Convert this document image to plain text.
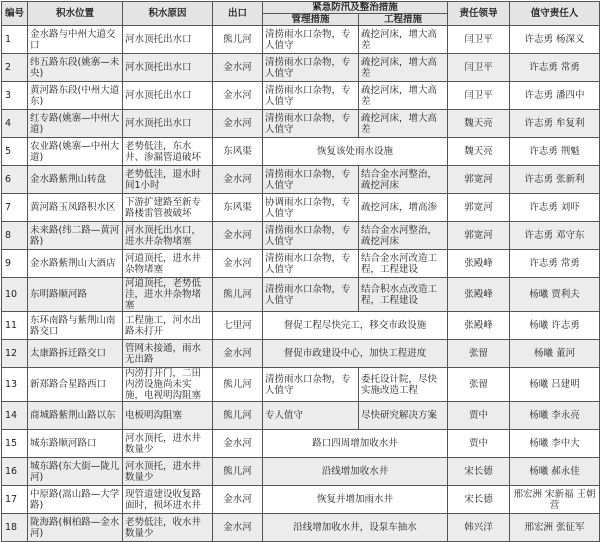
编号	积水位置	积水原因	出口	紧急防汛及整治措施		责任领导	值守责任人
				管理措施	工程措施		
1	金水路与中州大道交口	河水顶托出水口	熊儿河	清捞雨水口杂物，专人值守	疏挖河床，增大高差	闫卫平	许志勇 杨深义
2	纬五路东段(姚寨—未央)	河水顶托出水口	金水河	清捞雨水口杂物，专人值守	疏挖河床，增大高差	闫卫平	许志勇 常勇
3	黄河路东段(中州大道东)	河水顶托出水口	金水河	清捞雨水口杂物，专人值守	疏挖河床，增大高差	闫卫平	许志勇 潘四中
4	红专路(姚寨—中州大道)	河水顶托出水口	金水河	清捞雨水口杂物，专人值守	疏挖河床，增大高差	魏天亮	许志勇 牟复利
5	农业路(姚寨—中州大道)	老势低洼，东水井、渗漏管道破坏	东风渠	恢复该处雨水设施		魏天亮	许志勇 荆魁
6	金水路紫荆山转盘	老势低洼，退水时间1小时	金水河	清捞雨水口杂物，专人值守	结合金水河整治，疏挖河床	郭宽河	许志勇 张新利
7	黄河路玉凤路积水区	下游扩建路至新专路楼雷管被破坏	东风渠	协调雨水口杂物，专人值守	疏挖河床，增高渗	郭宽河	许志勇 刘吓
8	未来路(纬二路—黄河路)	河水顶托出水口，进水井杂物堵塞	金水河	清捞雨水口杂物，专人值守	结合金水河整治，疏挖河床	郭宽河	许志勇 邓守东
9	金水路紫荆山大酒店	河道顶托，进水井杂物堵塞	金水河	清捞雨水口杂物，专人值守	结合金水河改造工程，工程建设	张殿峰	许志勇 常勇
10	东明路顺河路	河道顶托，老势低洼，进水井杂物堵塞	熊儿河	清捞雨水口杂物，专人值守	结合积水点改造工程，工程建设	张殿峰	杨曦 贾利夫
11	东环南路与紫荆山南路交口	工程施工，河水出路未打开	七里河	督促工程尽快完工，移交市政设施		张殿峰	杨曦 许志勇
12	太康路拆迁路交口	管网未接通，雨水无出路	金水河	督促市政建设中心，加快工程进度		张留	杨曦 董河
13	新郑路合星路西口	内涝打开门，二田内涝设施尚未实施，电视明沟阻塞	熊儿河	清捞雨水口杂物，专人值守	委托设计院，尽快实施改造工程	张留	杨曦 吕建明
14	商城路紫荆山路以东	电板明沟阻塞	熊儿河	专人值守	尽快研究解决方案	贾中	杨曦 李永亮
15	城东路顺河路口	河水顶托，进水井数量少	金水河	路口四周增加收水井		贾中	杨曦 李中大
16	城东路(东大街—陇儿河)	河水顶托，进水井数量少	熊儿河	沿线增加收水井		宋长德	杨曦 郝永佳
17	中原路(嵩山路—大学路)	现管道建设收复路面时，损坏进水井	金水河	恢复并增加雨水井		宋长德	邢宏洲 宋新福 王朝营
18	陇海路(桐柏路—金水河)	老势低洼，收水井数量少	金水河	沿线增加收水井，设泵车抽水		韩兴洋	邢宏洲 张征军
